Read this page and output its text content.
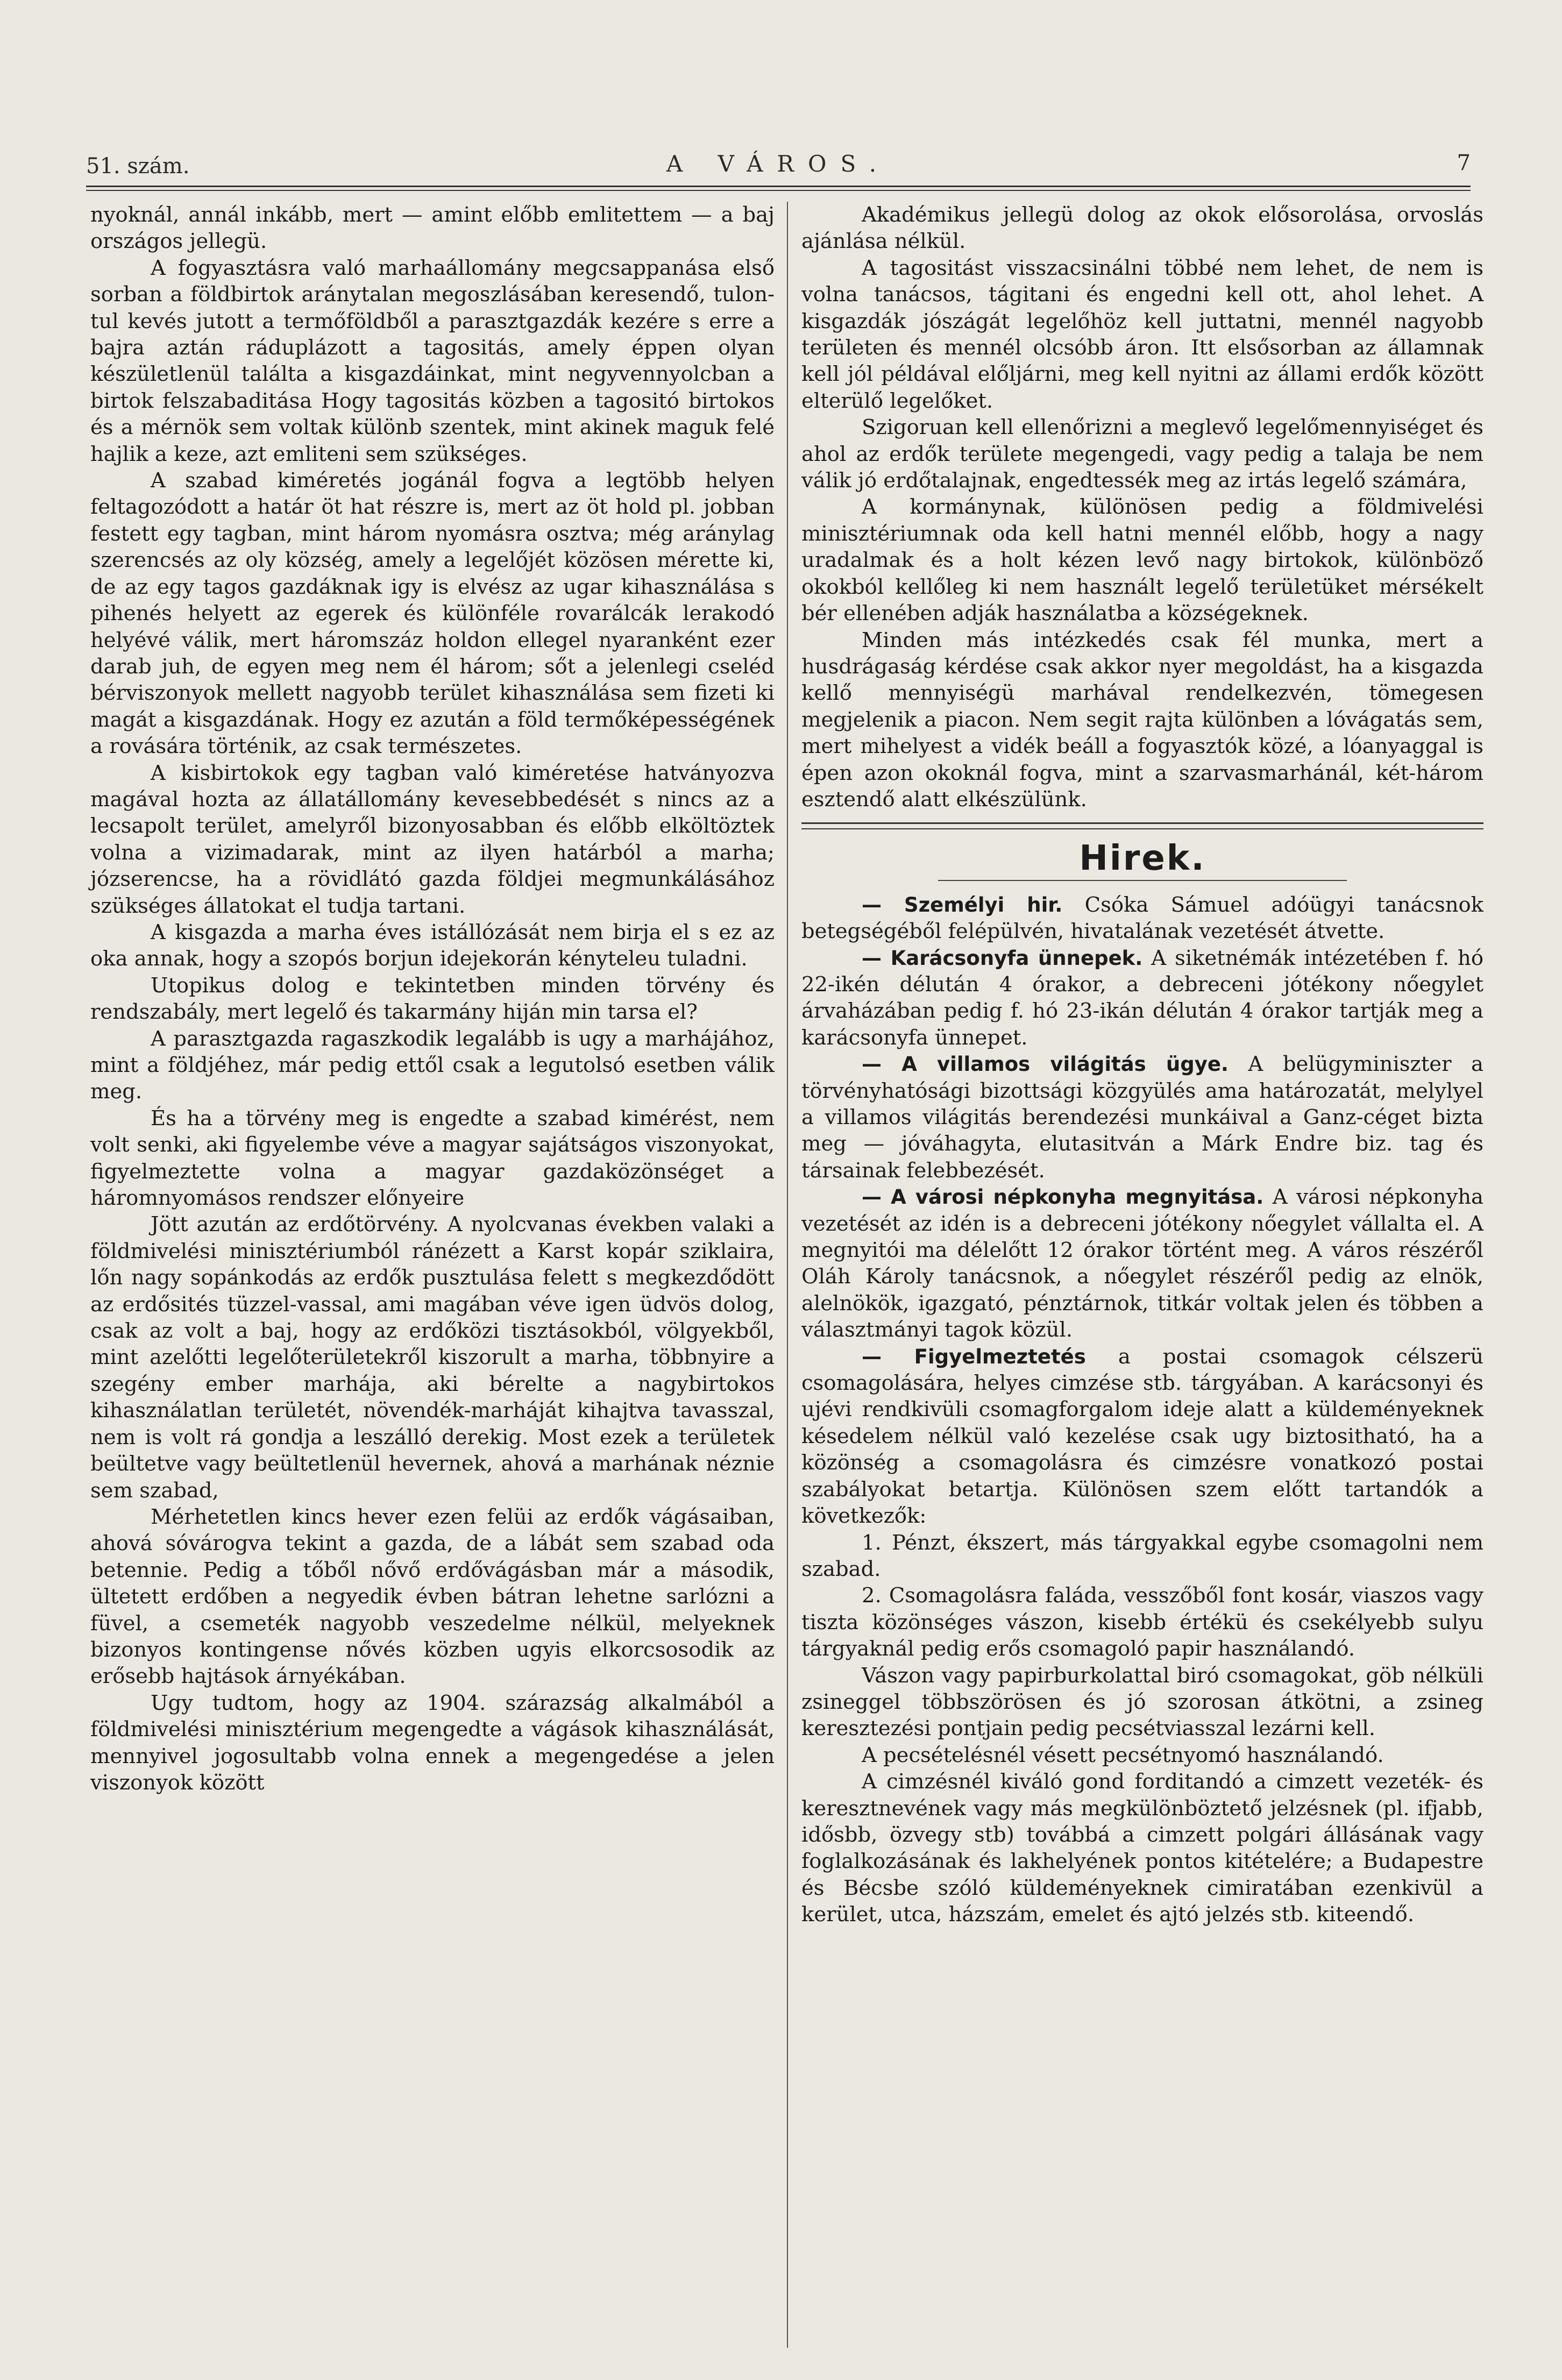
51. szám.	A VÁROS.	7

nyoknál, annál inkább, mert — amint előbb emlitettem — a baj országos jellegü.

A fogyasztásra való marhaállomány megcsappanása első sorban a földbirtok aránytalan megoszlásában keresendő, tulon-tul kevés jutott a termőföldből a parasztgazdák kezére s erre a bajra aztán ráduplázott a tagositás, amely éppen olyan készületlenül találta a kisgazdáinkat, mint negyvennyolcban a birtok felszabaditása Hogy tagositás közben a tagositó birtokos és a mérnök sem voltak különb szentek, mint akinek maguk felé hajlik a keze, azt emliteni sem szükséges.

A szabad kiméretés jogánál fogva a legtöbb helyen feltagozódott a határ öt hat részre is, mert az öt hold pl. jobban festett egy tagban, mint három nyomásra osztva; még aránylag szerencsés az oly község, amely a legelőjét közösen mérette ki, de az egy tagos gazdáknak igy is elvész az ugar kihasználása s pihenés helyett az egerek és különféle rovarálcák lerakodó helyévé válik, mert háromszáz holdon ellegel nyaranként ezer darab juh, de egyen meg nem él három; sőt a jelenlegi cseléd bérviszonyok mellett nagyobb terület kihasználása sem fizeti ki magát a kisgazdának. Hogy ez azután a föld termőképességének a rovására történik, az csak természetes.

A kisbirtokok egy tagban való kiméretése hatványozva magával hozta az állatállomány kevesebbedését s nincs az a lecsapolt terület, amelyről bizonyosabban és előbb elköltöztek volna a vizimadarak, mint az ilyen határból a marha; józserencse, ha a rövidlátó gazda földjei megmunkálásához szükséges állatokat el tudja tartani.

A kisgazda a marha éves istállózását nem birja el s ez az oka annak, hogy a szopós borjun idejekorán kényteleu tuladni.

Utopikus dolog e tekintetben minden törvény és rendszabály, mert legelő és takarmány hiján min tarsa el?

A parasztgazda ragaszkodik legalább is ugy a marhájához, mint a földjéhez, már pedig ettől csak a legutolsó esetben válik meg.

És ha a törvény meg is engedte a szabad kimérést, nem volt senki, aki figyelembe véve a magyar sajátságos viszonyokat, figyelmeztette volna a magyar gazdaközönséget a háromnyomásos rendszer előnyeire

Jött azután az erdőtörvény. A nyolcvanas években valaki a földmivelési minisztériumból ránézett a Karst kopár sziklaira, lőn nagy sopánkodás az erdők pusztulása felett s megkezdődött az erdősités tüzzel-vassal, ami magában véve igen üdvös dolog, csak az volt a baj, hogy az erdőközi tisztásokból, völgyekből, mint azelőtti legelőterületekről kiszorult a marha, többnyire a szegény ember marhája, aki bérelte a nagybirtokos kihasználatlan területét, növendék-marháját kihajtva tavasszal, nem is volt rá gondja a leszálló derekig. Most ezek a területek beültetve vagy beültetlenül hevernek, ahová a marhának néznie sem szabad,

Mérhetetlen kincs hever ezen felüi az erdők vágásaiban, ahová sóvárogva tekint a gazda, de a lábát sem szabad oda betennie. Pedig a tőből nővő erdővágásban már a második, ültetett erdőben a negyedik évben bátran lehetne sarlózni a füvel, a csemeték nagyobb veszedelme nélkül, melyeknek bizonyos kontingense nővés közben ugyis elkorcsosodik az erősebb hajtások árnyékában.

Ugy tudtom, hogy az 1904. szárazság alkalmából a földmivelési minisztérium megengedte a vágások kihasználását, mennyivel jogosultabb volna ennek a megengedése a jelen viszonyok között

Akadémikus jellegü dolog az okok elősorolása, orvoslás ajánlása nélkül.

A tagositást visszacsinálni többé nem lehet, de nem is volna tanácsos, tágitani és engedni kell ott, ahol lehet. A kisgazdák jószágát legelőhöz kell juttatni, mennél nagyobb területen és mennél olcsóbb áron. Itt elsősorban az államnak kell jól példával előljárni, meg kell nyitni az állami erdők között elterülő legelőket.

Szigoruan kell ellenőrizni a meglevő legelőmennyiséget és ahol az erdők területe megengedi, vagy pedig a talaja be nem válik jó erdőtalajnak, engedtessék meg az irtás legelő számára,

A kormánynak, különösen pedig a földmivelési minisztériumnak oda kell hatni mennél előbb, hogy a nagy uradalmak és a holt kézen levő nagy birtokok, különböző okokból kellőleg ki nem használt legelő területüket mérsékelt bér ellenében adják használatba a községeknek.

Minden más intézkedés csak fél munka, mert a husdrágaság kérdése csak akkor nyer megoldást, ha a kisgazda kellő mennyiségü marhával rendelkezvén, tömegesen megjelenik a piacon. Nem segit rajta különben a lóvágatás sem, mert mihelyest a vidék beáll a fogyasztók közé, a lóanyaggal is épen azon okoknál fogva, mint a szarvasmarhánál, két-három esztendő alatt elkészülünk.

Hirek.

— Személyi hir. Csóka Sámuel adóügyi tanácsnok betegségéből felépülvén, hivatalának vezetését átvette.

— Karácsonyfa ünnepek. A siketnémák intézetében f. hó 22-ikén délután 4 órakor, a debreceni jótékony nőegylet árvaházában pedig f. hó 23-ikán délután 4 órakor tartják meg a karácsonyfa ünnepet.

— A villamos világitás ügye. A belügyminiszter a törvényhatósági bizottsági közgyülés ama határozatát, melylyel a villamos világitás berendezési munkáival a Ganz-céget bizta meg — jóváhagyta, elutasitván a Márk Endre biz. tag és társainak felebbezését.

— A városi népkonyha megnyitása. A városi népkonyha vezetését az idén is a debreceni jótékony nőegylet vállalta el. A megnyitói ma délelőtt 12 órakor történt meg. A város részéről Oláh Károly tanácsnok, a nőegylet részéről pedig az elnök, alelnökök, igazgató, pénztárnok, titkár voltak jelen és többen a választmányi tagok közül.

— Figyelmeztetés a postai csomagok célszerü csomagolására, helyes cimzése stb. tárgyában. A karácsonyi és ujévi rendkivüli csomagforgalom ideje alatt a küldeményeknek késedelem nélkül való kezelése csak ugy biztositható, ha a közönség a csomagolásra és cimzésre vonatkozó postai szabályokat betartja. Különösen szem előtt tartandók a következők:

1. Pénzt, ékszert, más tárgyakkal egybe csomagolni nem szabad.

2. Csomagolásra faláda, vesszőből font kosár, viaszos vagy tiszta közönséges vászon, kisebb értékü és csekélyebb sulyu tárgyaknál pedig erős csomagoló papir használandó.

Vászon vagy papirburkolattal biró csomagokat, göb nélküli zsineggel többszörösen és jó szorosan átkötni, a zsineg keresztezési pontjain pedig pecsétviasszal lezárni kell.

A pecsételésnél vésett pecsétnyomó használandó.

A cimzésnél kiváló gond forditandó a cimzett vezeték- és keresztnevének vagy más megkülönböztető jelzésnek (pl. ifjabb, idősbb, özvegy stb) továbbá a cimzett polgári állásának vagy foglalkozásának és lakhelyének pontos kitételére; a Budapestre és Bécsbe szóló küldeményeknek cimiratában ezenkivül a kerület, utca, házszám, emelet és ajtó jelzés stb. kiteendő.
